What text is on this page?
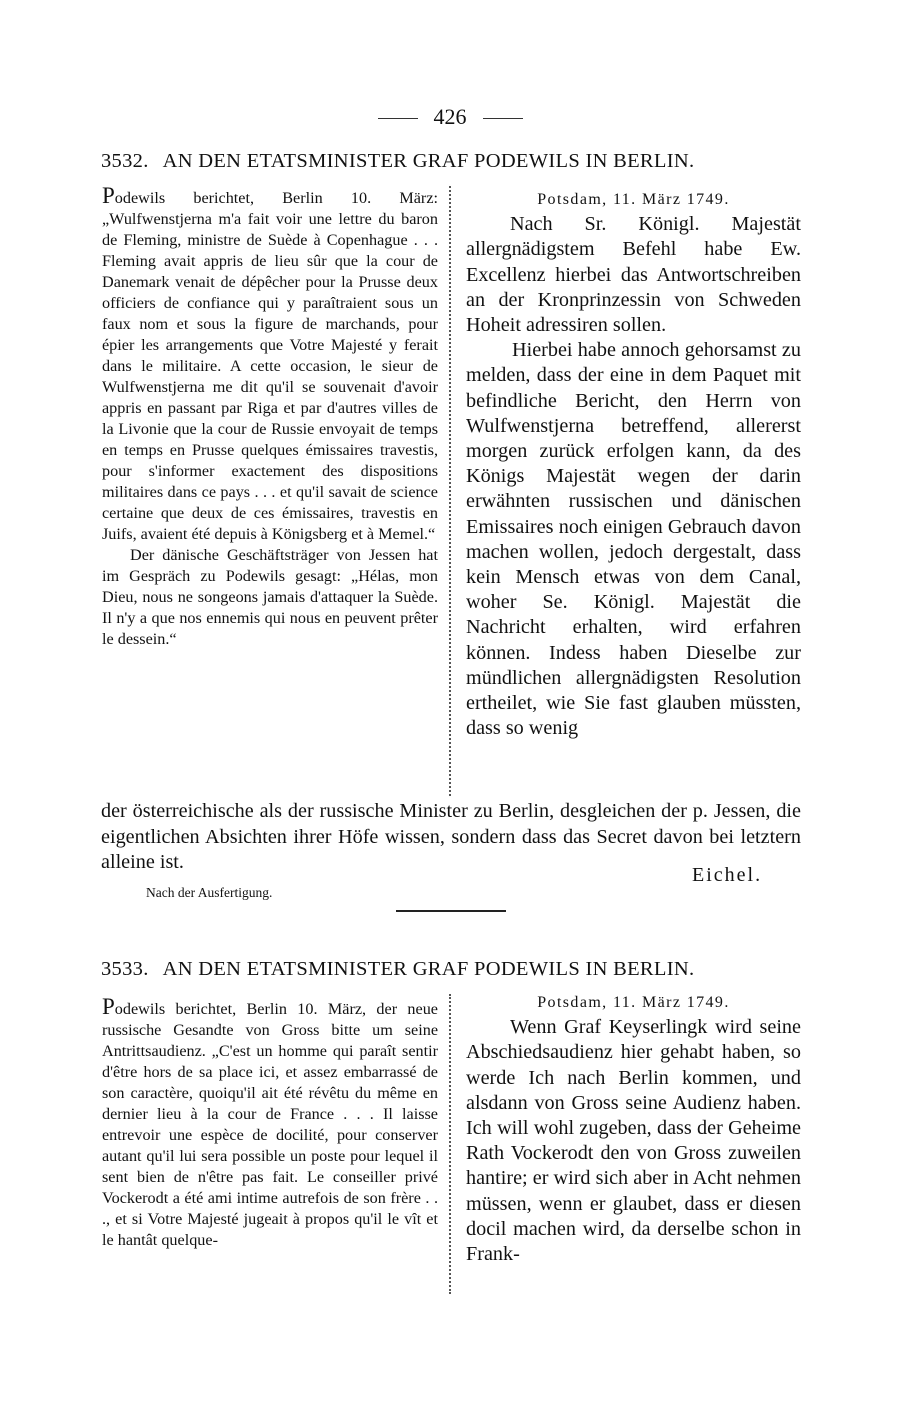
426
3532. AN DEN ETATSMINISTER GRAF PODEWILS IN BERLIN.

Podewils berichtet, Berlin 10. März: „Wulfwenstjerna m'a fait voir une lettre du baron de Fleming, ministre de Suède à Copenhague . . . Fleming avait appris de lieu sûr que la cour de Danemark venait de dépêcher pour la Prusse deux officiers de confiance qui y paraîtraient sous un faux nom et sous la figure de marchands, pour épier les arrangements que Votre Majesté y ferait dans le militaire. A cette occasion, le sieur de Wulfwenstjerna me dit qu'il se souvenait d'avoir appris en passant par Riga et par d'autres villes de la Livonie que la cour de Russie envoyait de temps en temps en Prusse quelques émissaires travestis, pour s'informer exactement des dispositions militaires dans ce pays . . . et qu'il savait de science certaine que deux de ces émissaires, travestis en Juifs, avaient été depuis à Königsberg et à Memel.“

Der dänische Geschäftsträger von Jessen hat im Gespräch zu Podewils gesagt: „Hélas, mon Dieu, nous ne songeons jamais d'attaquer la Suède. Il n'y a que nos ennemis qui nous en peuvent prêter le dessein.“

Potsdam, 11. März 1749.

Nach Sr. Königl. Majestät allergnädigstem Befehl habe Ew. Excellenz hierbei das Antwortschreiben an der Kronprinzessin von Schweden Hoheit adressiren sollen.

Hierbei habe annoch gehorsamst zu melden, dass der eine in dem Paquet mit befindliche Bericht, den Herrn von Wulfwenstjerna betreffend, allererst morgen zurück erfolgen kann, da des Königs Majestät wegen der darin erwähnten russischen und dänischen Emissaires noch einigen Gebrauch davon machen wollen, jedoch dergestalt, dass kein Mensch etwas von dem Canal, woher Se. Königl. Majestät die Nachricht erhalten, wird erfahren können. Indess haben Dieselbe zur mündlichen allergnädigsten Resolution ertheilet, wie Sie fast glauben müssten, dass so wenig

der österreichische als der russische Minister zu Berlin, desgleichen der p. Jessen, die eigentlichen Absichten ihrer Höfe wissen, sondern dass das Secret davon bei letztern alleine ist.

Eichel.
Nach der Ausfertigung.
3533. AN DEN ETATSMINISTER GRAF PODEWILS IN BERLIN.

Podewils berichtet, Berlin 10. März, der neue russische Gesandte von Gross bitte um seine Antrittsaudienz. „C'est un homme qui paraît sentir d'être hors de sa place ici, et assez embarrassé de son caractère, quoiqu'il ait été révêtu du même en dernier lieu à la cour de France . . . Il laisse entrevoir une espèce de docilité, pour conserver autant qu'il lui sera possible un poste pour lequel il sent bien de n'être pas fait. Le conseiller privé Vockerodt a été ami intime autrefois de son frère . . ., et si Votre Majesté jugeait à propos qu'il le vît et le hantât quelque-

Potsdam, 11. März 1749.

Wenn Graf Keyserlingk wird seine Abschiedsaudienz hier gehabt haben, so werde Ich nach Berlin kommen, und alsdann von Gross seine Audienz haben. Ich will wohl zugeben, dass der Geheime Rath Vockerodt den von Gross zuweilen hantire; er wird sich aber in Acht nehmen müssen, wenn er glaubet, dass er diesen docil machen wird, da derselbe schon in Frank-
